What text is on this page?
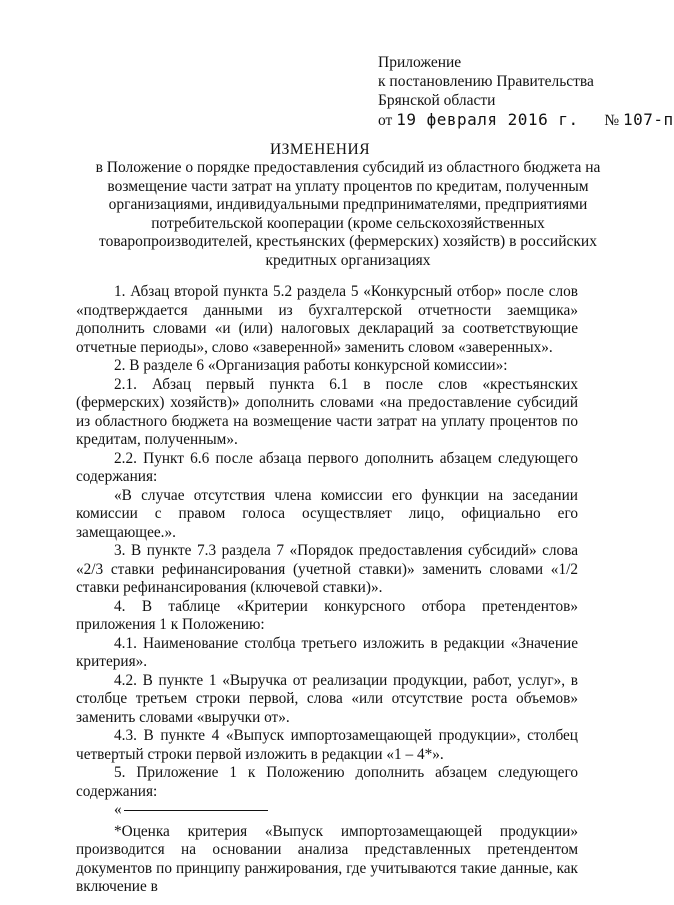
Приложение
к постановлению Правительства
Брянской области
от 19 февраля 2016 г. № 107-п
ИЗМЕНЕНИЯ
в Положение о порядке предоставления субсидий из областного бюджета на
возмещение части затрат на уплату процентов по кредитам, полученным
организациями, индивидуальными предпринимателями, предприятиями
потребительской кооперации (кроме сельскохозяйственных
товаропроизводителей, крестьянских (фермерских) хозяйств) в российских
кредитных организациях

1. Абзац второй пункта 5.2 раздела 5 «Конкурсный отбор» после слов «подтверждается данными из бухгалтерской отчетности заемщика» дополнить словами «и (или) налоговых деклараций за соответствующие отчетные периоды», слово «заверенной» заменить словом «заверенных».

2. В разделе 6 «Организация работы конкурсной комиссии»:

2.1. Абзац первый пункта 6.1 в после слов «крестьянских (фермерских) хозяйств)» дополнить словами «на предоставление субсидий из областного бюджета на возмещение части затрат на уплату процентов по кредитам, полученным».

2.2. Пункт 6.6 после абзаца первого дополнить абзацем следующего содержания:

«В случае отсутствия члена комиссии его функции на заседании комиссии с правом голоса осуществляет лицо, официально его замещающее.».

3. В пункте 7.3 раздела 7 «Порядок предоставления субсидий» слова «2/3 ставки рефинансирования (учетной ставки)» заменить словами «1/2 ставки рефинансирования (ключевой ставки)».

4. В таблице «Критерии конкурсного отбора претендентов» приложения 1 к Положению:

4.1. Наименование столбца третьего изложить в редакции «Значение критерия».

4.2. В пункте 1 «Выручка от реализации продукции, работ, услуг», в столбце третьем строки первой, слова «или отсутствие роста объемов» заменить словами «выручки от».

4.3. В пункте 4 «Выпуск импортозамещающей продукции», столбец четвертый строки первой изложить в редакции «1 – 4*».

5. Приложение 1 к Положению дополнить абзацем следующего содержания:

«

*Оценка критерия «Выпуск импортозамещающей продукции» производится на основании анализа представленных претендентом документов по принципу ранжирования, где учитываются такие данные, как включение в
